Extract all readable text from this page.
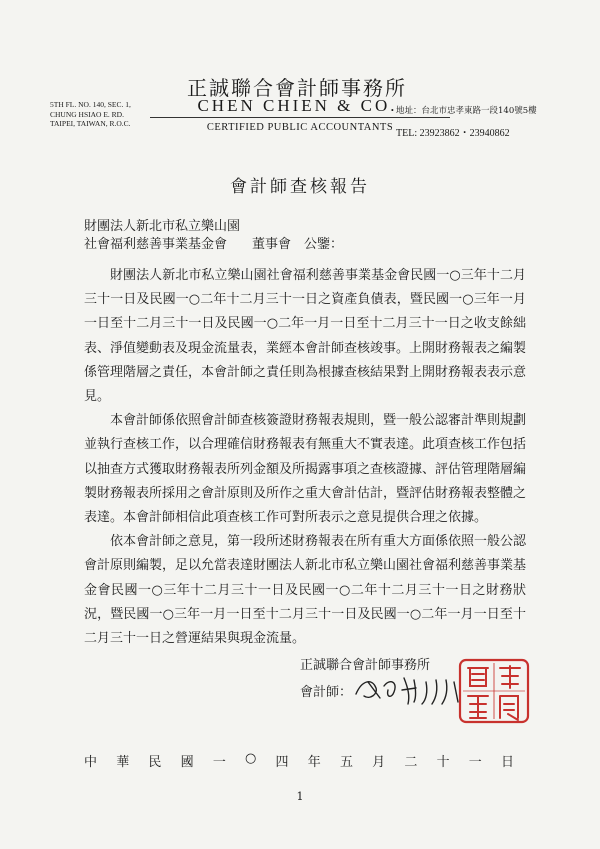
正誠聯合會計師事務所
CHEN CHIEN & CO.
CERTIFIED PUBLIC ACCOUNTANTS
5TH FL. NO. 140, SEC. 1,
CHUNG HSIAO E. RD.
TAIPEI, TAIWAN, R.O.C.
地址：台北市忠孝東路一段140號5樓
TEL: 23923862・23940862
會計師查核報告
財團法人新北市私立樂山園
社會福利慈善事業基金會	董事會　公鑒：

財團法人新北市私立樂山園社會福利慈善事業基金會民國一○三年十二月三十一日及民國一○二年十二月三十一日之資產負債表，暨民國一○三年一月一日至十二月三十一日及民國一○二年一月一日至十二月三十一日之收支餘絀表、淨值變動表及現金流量表，業經本會計師查核竣事。上開財務報表之編製係管理階層之責任，本會計師之責任則為根據查核結果對上開財務報表表示意見。

本會計師係依照會計師查核簽證財務報表規則，暨一般公認審計準則規劃並執行查核工作，以合理確信財務報表有無重大不實表達。此項查核工作包括以抽查方式獲取財務報表所列金額及所揭露事項之查核證據、評估管理階層編製財務報表所採用之會計原則及所作之重大會計估計，暨評估財務報表整體之表達。本會計師相信此項查核工作可對所表示之意見提供合理之依據。

依本會計師之意見，第一段所述財務報表在所有重大方面係依照一般公認會計原則編製，足以允當表達財團法人新北市私立樂山園社會福利慈善事業基金會民國一○三年十二月三十一日及民國一○二年十二月三十一日之財務狀況，暨民國一○三年一月一日至十二月三十一日及民國一○二年一月一日至十二月三十一日之營運結果與現金流量。

正誠聯合會計師事務所
會計師：
中 華 民 國 一 ○ 四 年 五 月 二 十 一 日
1
